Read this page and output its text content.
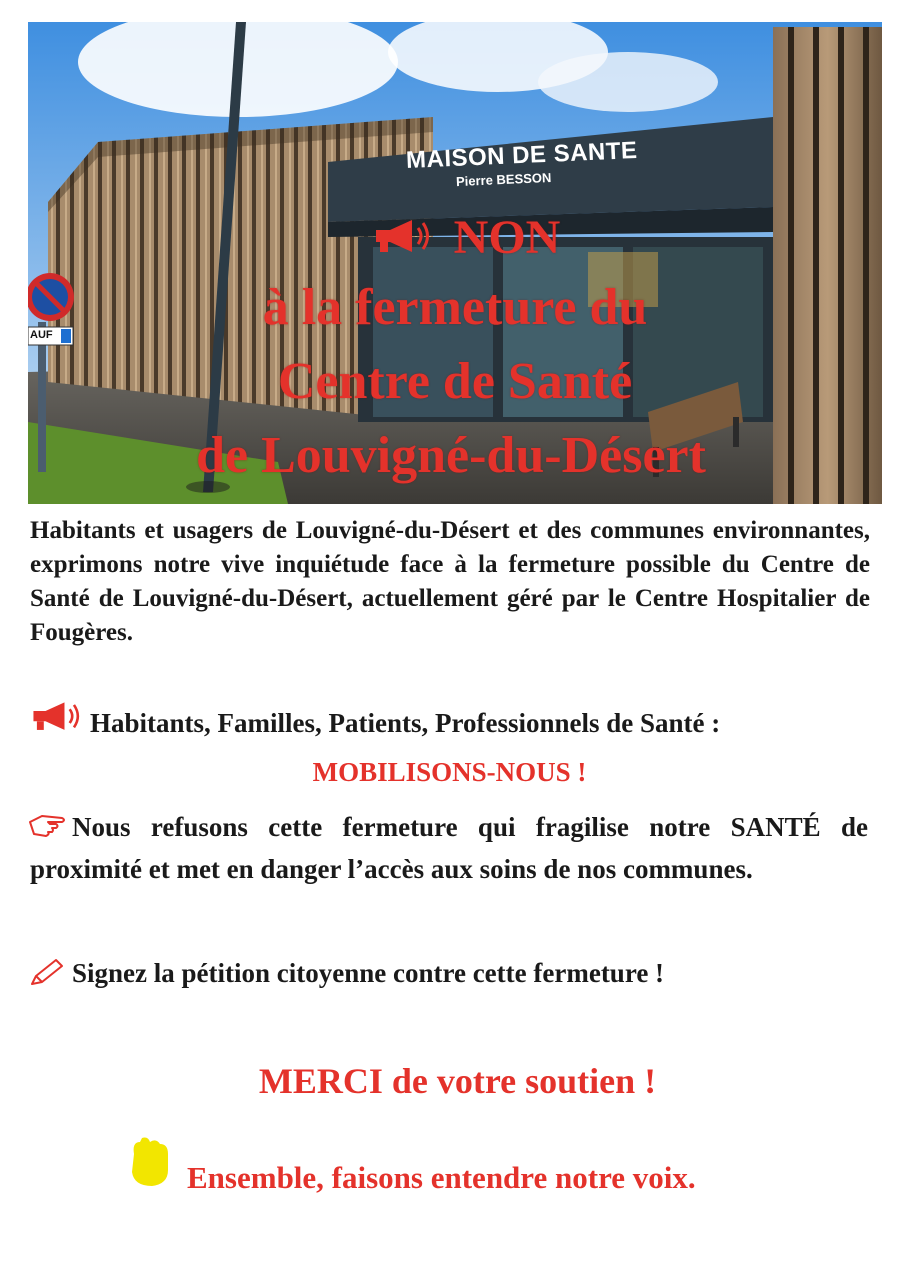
MAISON DE SANTE
Pierre BESSON
AUF
NON
à la fermeture du
Centre de Santé
de Louvigné-du-Désert
Habitants et usagers de Louvigné-du-Désert et des communes environnantes, exprimons notre vive inquiétude face à la fermeture possible du Centre de Santé de Louvigné-du-Désert, actuellement géré par le Centre Hospitalier de Fougères.
Habitants, Familles, Patients, Professionnels de Santé :
MOBILISONS-NOUS !
Nous refusons cette fermeture qui fragilise notre SANTÉ de proximité et met en danger l’accès aux soins de nos communes.
Signez la pétition citoyenne contre cette fermeture !
MERCI de votre soutien !
Ensemble, faisons entendre notre voix.
